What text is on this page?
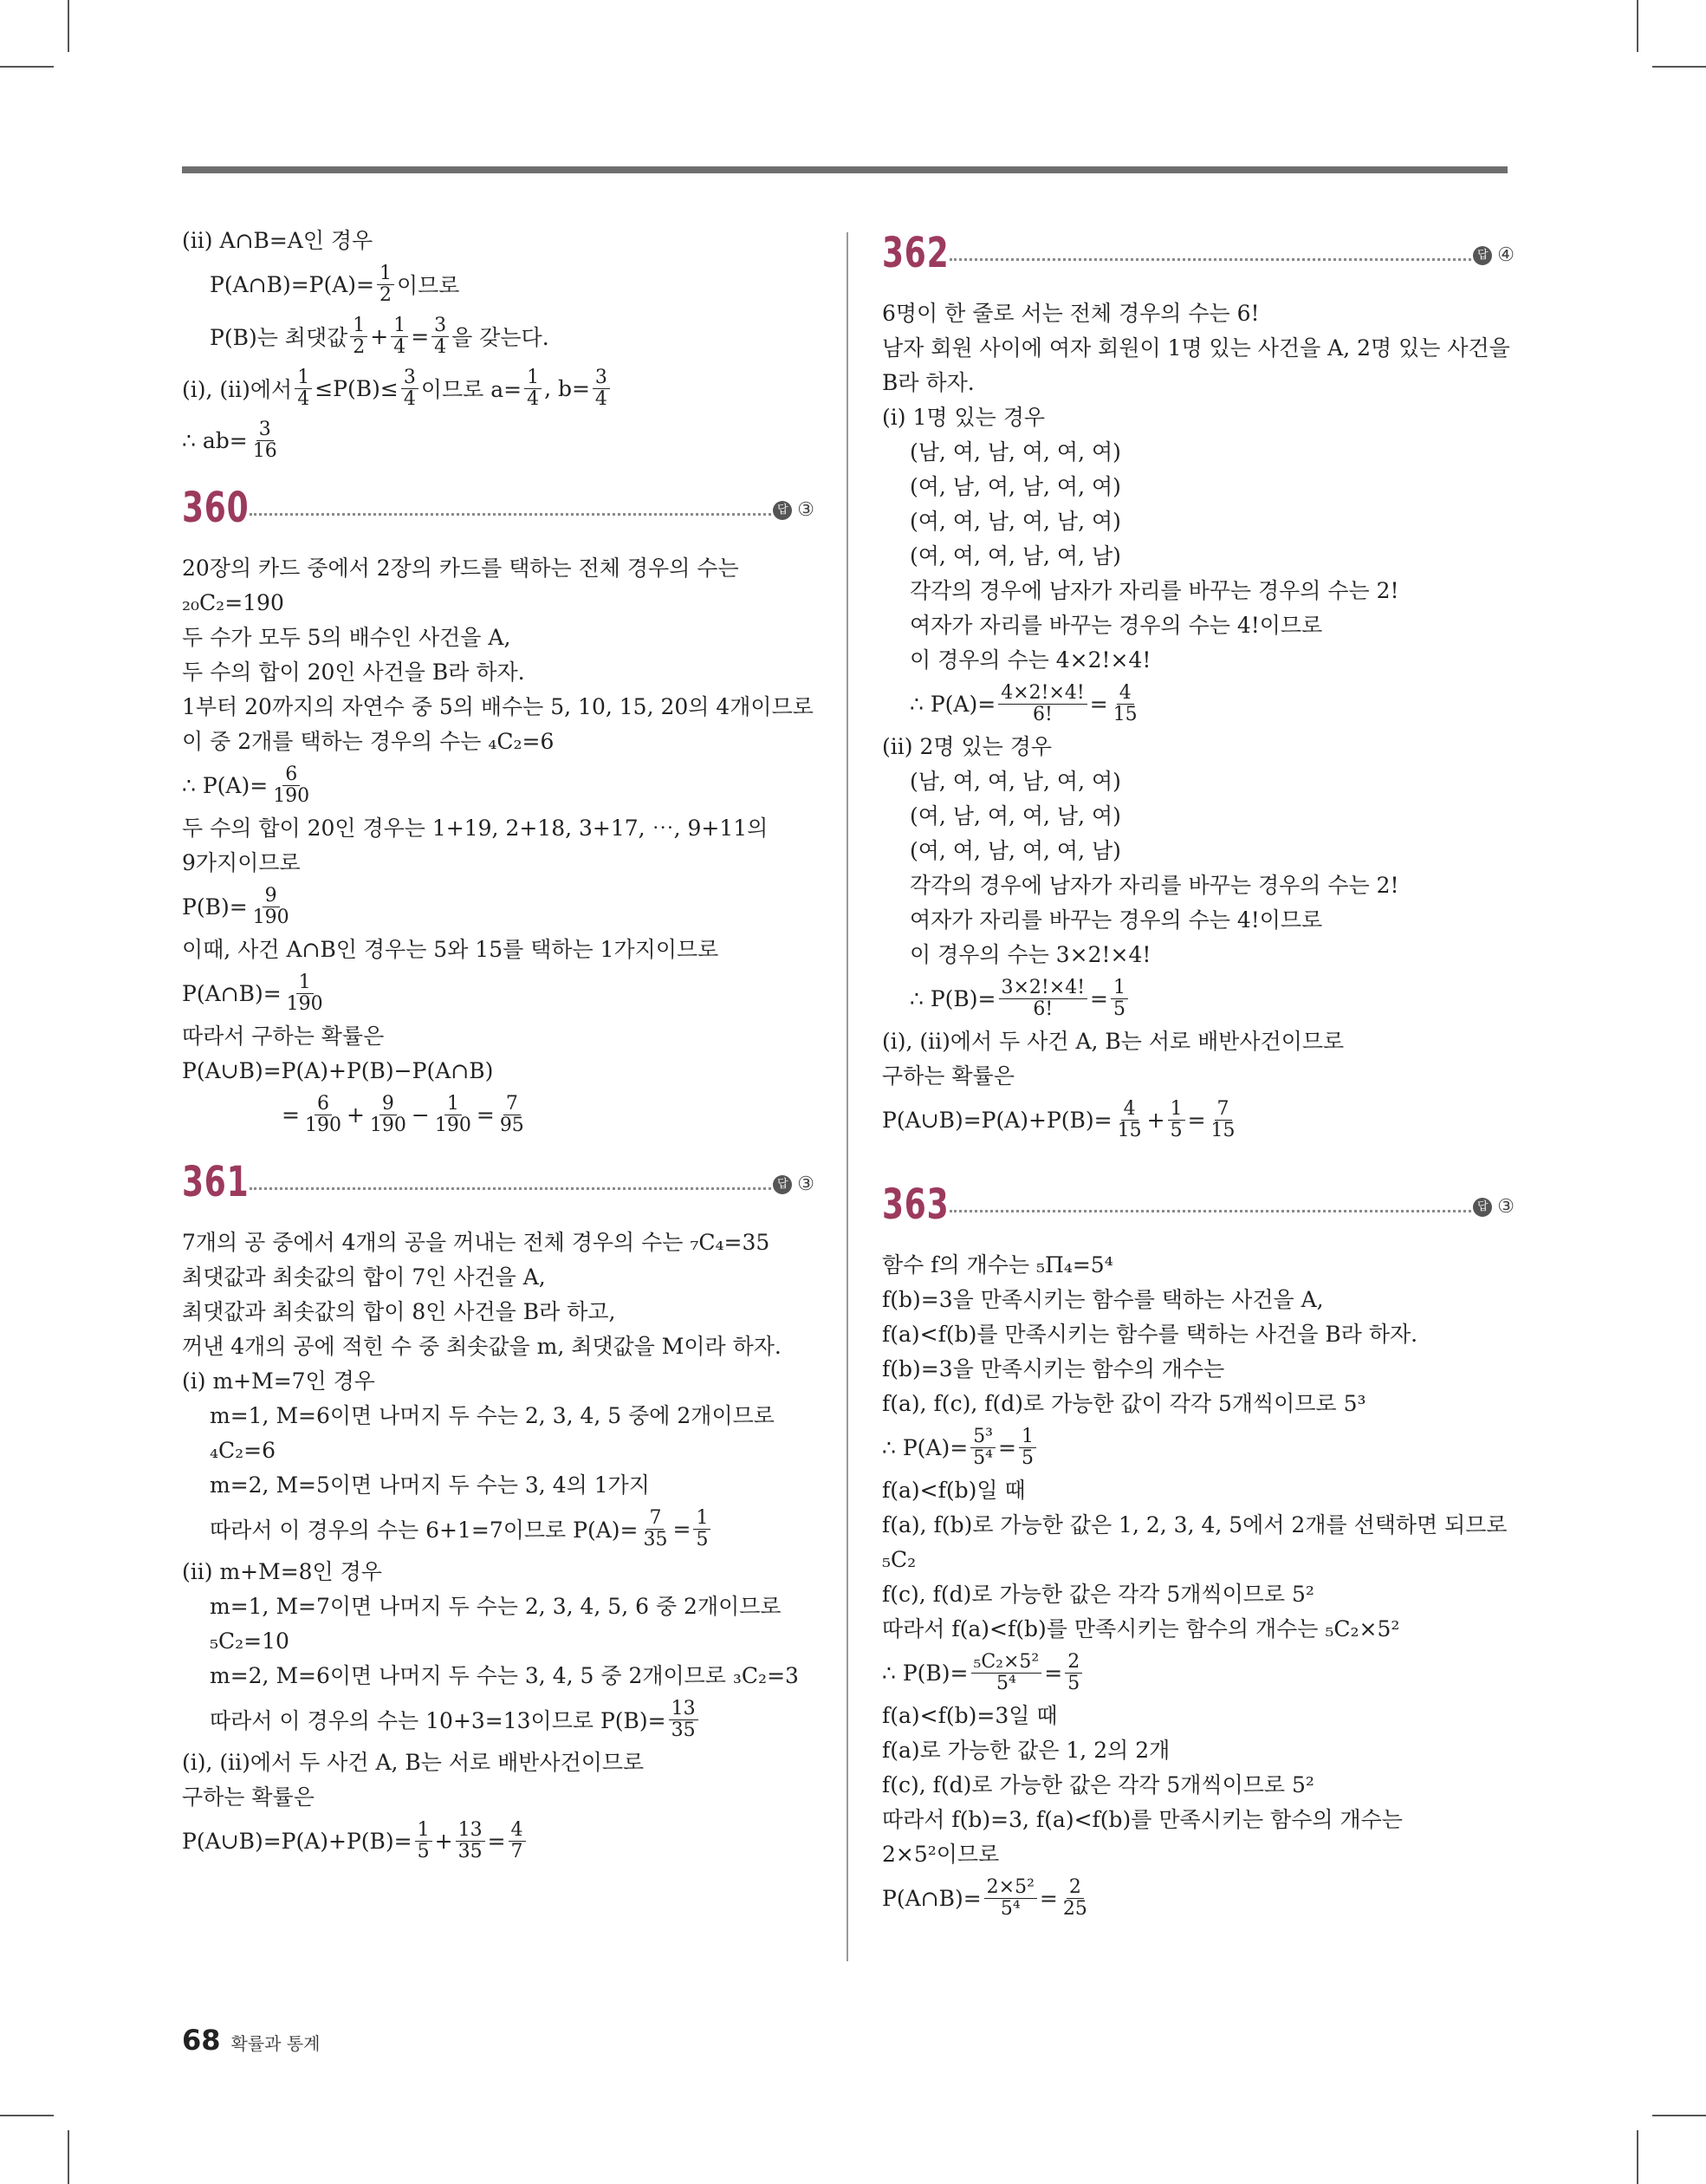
(ii) A∩B=A인 경우
P(A∩B)=P(A)= $\frac{1}{2}$ 이므로
P(B)는 최댓값 $\frac{1}{2} + \frac{1}{4} = \frac{3}{4}$ 을 갖는다.
(i), (ii)에서 $\frac{1}{4} \le P(B)\le \frac{3}{4}$ 이므로 $a= \frac{1}{4}$ , $b= \frac{3}{4}$
∴ $ab= \frac{3}{16}$
360	답 ③
20장의 카드 중에서 2장의 카드를 택하는 전체 경우의 수는
₂₀C₂=190
두 수가 모두 5의 배수인 사건을 A,
두 수의 합이 20인 사건을 B라 하자.
1부터 20까지의 자연수 중 5의 배수는 5, 10, 15, 20의 4개이므로
이 중 2개를 택하는 경우의 수는 ₄C₂=6
∴ $P(A)= \frac{6}{190}$
두 수의 합이 20인 경우는 1+19, 2+18, 3+17, ⋯, 9+11의
9가지이므로
$P(B)= \frac{9}{190}$
이때, 사건 A∩B인 경우는 5와 15를 택하는 1가지이므로
P(A∩B)= $\frac{1}{190}$
따라서 구하는 확률은
P(A∪B)=P(A)+P(B)−P(A∩B)
= $\frac{6}{190} + \frac{9}{190} - \frac{1}{190} = \frac{7}{95}$
361	답 ③
7개의 공 중에서 4개의 공을 꺼내는 전체 경우의 수는 ₇C₄=35
최댓값과 최솟값의 합이 7인 사건을 A,
최댓값과 최솟값의 합이 8인 사건을 B라 하고,
꺼낸 4개의 공에 적힌 수 중 최솟값을 m, 최댓값을 M이라 하자.
(i) m+M=7인 경우
m=1, M=6이면 나머지 두 수는 2, 3, 4, 5 중에 2개이므로
₄C₂=6
m=2, M=5이면 나머지 두 수는 3, 4의 1가지
따라서 이 경우의 수는 6+1=7이므로 $P(A)= \frac{7}{35} = \frac{1}{5}$
(ii) m+M=8인 경우
m=1, M=7이면 나머지 두 수는 2, 3, 4, 5, 6 중 2개이므로
₅C₂=10
m=2, M=6이면 나머지 두 수는 3, 4, 5 중 2개이므로 ₃C₂=3
따라서 이 경우의 수는 10+3=13이므로 $P(B)= \frac{13}{35}$
(i), (ii)에서 두 사건 A, B는 서로 배반사건이므로
구하는 확률은
P(A∪B)=P(A)+P(B)= $\frac{1}{5} + \frac{13}{35} = \frac{4}{7}$
362	답 ④
6명이 한 줄로 서는 전체 경우의 수는 6!
남자 회원 사이에 여자 회원이 1명 있는 사건을 A, 2명 있는 사건을
B라 하자.
(i) 1명 있는 경우
(남, 여, 남, 여, 여, 여)
(여, 남, 여, 남, 여, 여)
(여, 여, 남, 여, 남, 여)
(여, 여, 여, 남, 여, 남)
각각의 경우에 남자가 자리를 바꾸는 경우의 수는 2!
여자가 자리를 바꾸는 경우의 수는 4!이므로
이 경우의 수는 4×2!×4!
∴ $P(A)= \frac{4\times 2!\times 4!}{6!} = \frac{4}{15}$
(ii) 2명 있는 경우
(남, 여, 여, 남, 여, 여)
(여, 남, 여, 여, 남, 여)
(여, 여, 남, 여, 여, 남)
각각의 경우에 남자가 자리를 바꾸는 경우의 수는 2!
여자가 자리를 바꾸는 경우의 수는 4!이므로
이 경우의 수는 3×2!×4!
∴ $P(B)= \frac{3\times 2!\times 4!}{6!} = \frac{1}{5}$
(i), (ii)에서 두 사건 A, B는 서로 배반사건이므로
구하는 확률은
P(A∪B)=P(A)+P(B)= $\frac{4}{15} + \frac{1}{5} = \frac{7}{15}$
363	답 ③
함수 f의 개수는 ₅Π₄=5⁴
f(b)=3을 만족시키는 함수를 택하는 사건을 A,
f(a)<f(b)를 만족시키는 함수를 택하는 사건을 B라 하자.
f(b)=3을 만족시키는 함수의 개수는
f(a), f(c), f(d)로 가능한 값이 각각 5개씩이므로 5³
∴ $P(A)= \frac{\text{5³}}{\text{5⁴}} = \frac{1}{5}$
f(a)<f(b)일 때
f(a), f(b)로 가능한 값은 1, 2, 3, 4, 5에서 2개를 선택하면 되므로
₅C₂
f(c), f(d)로 가능한 값은 각각 5개씩이므로 5²
따라서 f(a)<f(b)를 만족시키는 함수의 개수는 ₅C₂×5²
∴ $P(B)= \frac{\text{₅C₂×5²}}{\text{5⁴}} = \frac{2}{5}$
f(a)<f(b)=3일 때
f(a)로 가능한 값은 1, 2의 2개
f(c), f(d)로 가능한 값은 각각 5개씩이므로 5²
따라서 f(b)=3, f(a)<f(b)를 만족시키는 함수의 개수는
2×5²이므로
P(A∩B)= $\frac{\text{2×5²}}{\text{5⁴}} = \frac{2}{25}$
68 확률과 통계
